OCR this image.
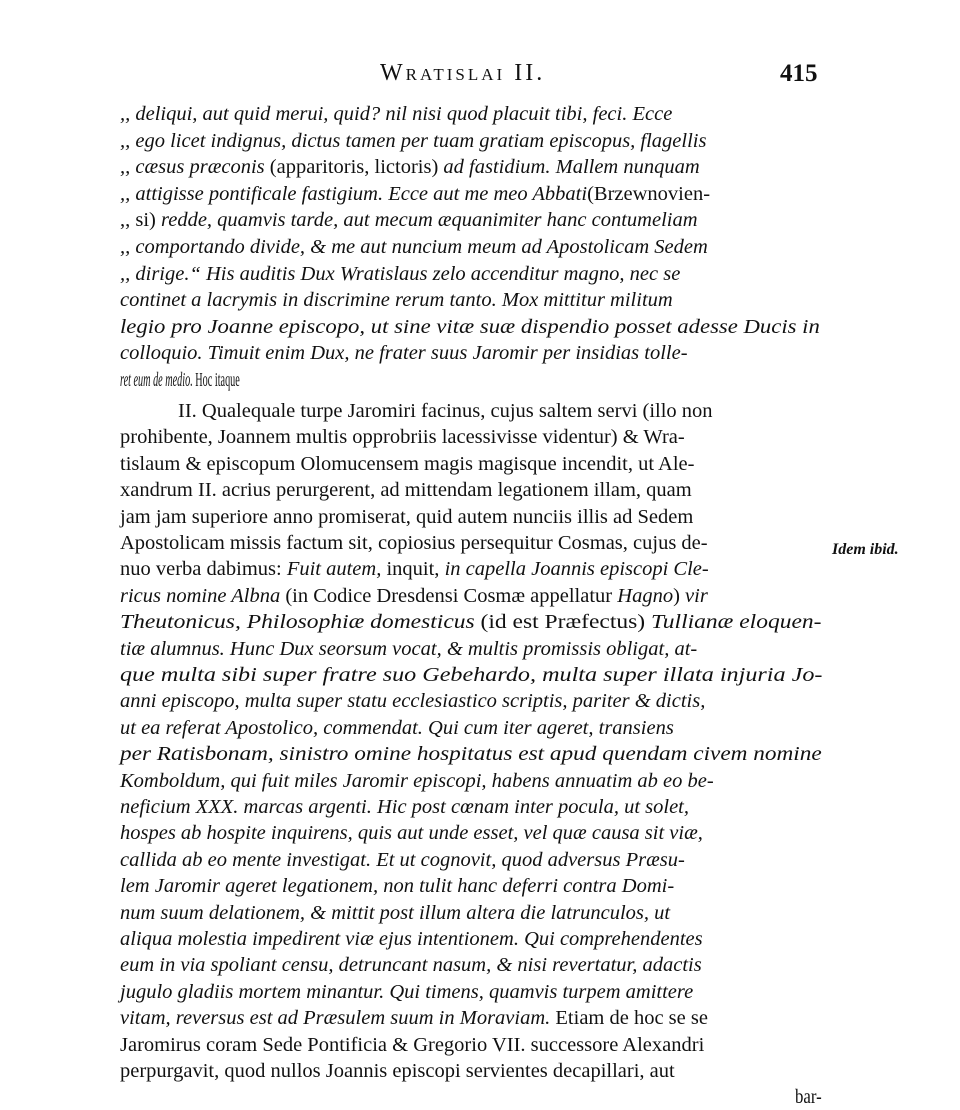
Wratislai II.	415
,, deliqui, aut quid merui, quid? nil nisi quod placuit tibi, feci. Ecce
,, ego licet indignus, dictus tamen per tuam gratiam episcopus, flagellis
,, cæsus præconis (apparitoris, lictoris) ad fastidium. Mallem nunquam
,, attigisse pontificale fastigium. Ecce aut me meo Abbati(Brzewnovien-
,, si) redde, quamvis tarde, aut mecum æquanimiter hanc contumeliam
,, comportando divide, & me aut nuncium meum ad Apostolicam Sedem
,, dirige.“ His auditis Dux Wratislaus zelo accenditur magno, nec se
continet a lacrymis in discrimine rerum tanto. Mox mittitur militum
legio pro Joanne episcopo, ut sine vitæ suæ dispendio posset adesse Ducis in
colloquio. Timuit enim Dux, ne frater suus Jaromir per insidias tolle-
ret eum de medio. Hoc itaque
II. Qualequale turpe Jaromiri facinus, cujus saltem servi (illo non
prohibente, Joannem multis opprobriis lacessivisse videntur) & Wra-
tislaum & episcopum Olomucensem magis magisque incendit, ut Ale-
xandrum II. acrius perurgerent, ad mittendam legationem illam, quam
jam jam superiore anno promiserat, quid autem nunciis illis ad Sedem
Apostolicam missis factum sit, copiosius persequitur Cosmas, cujus de-
nuo verba dabimus: Fuit autem, inquit, in capella Joannis episcopi Cle-
ricus nomine Albna (in Codice Dresdensi Cosmæ appellatur Hagno) vir
Theutonicus, Philosophiæ domesticus (id est Præfectus) Tullianæ eloquen-
tiæ alumnus. Hunc Dux seorsum vocat, & multis promissis obligat, at-
que multa sibi super fratre suo Gebehardo, multa super illata injuria Jo-
anni episcopo, multa super statu ecclesiastico scriptis, pariter & dictis,
ut ea referat Apostolico, commendat. Qui cum iter ageret, transiens
per Ratisbonam, sinistro omine hospitatus est apud quendam civem nomine
Komboldum, qui fuit miles Jaromir episcopi, habens annuatim ab eo be-
neficium XXX. marcas argenti. Hic post cœnam inter pocula, ut solet,
hospes ab hospite inquirens, quis aut unde esset, vel quæ causa sit viæ,
callida ab eo mente investigat. Et ut cognovit, quod adversus Præsu-
lem Jaromir ageret legationem, non tulit hanc deferri contra Domi-
num suum delationem, & mittit post illum altera die latrunculos, ut
aliqua molestia impedirent viæ ejus intentionem. Qui comprehendentes
eum in via spoliant censu, detruncant nasum, & nisi revertatur, adactis
jugulo gladiis mortem minantur. Qui timens, quamvis turpem amittere
vitam, reversus est ad Præsulem suum in Moraviam. Etiam de hoc se se
Jaromirus coram Sede Pontificia & Gregorio VII. successore Alexandri
perpurgavit, quod nullos Joannis episcopi servientes decapillari, aut
bar-
Idem ibid.
